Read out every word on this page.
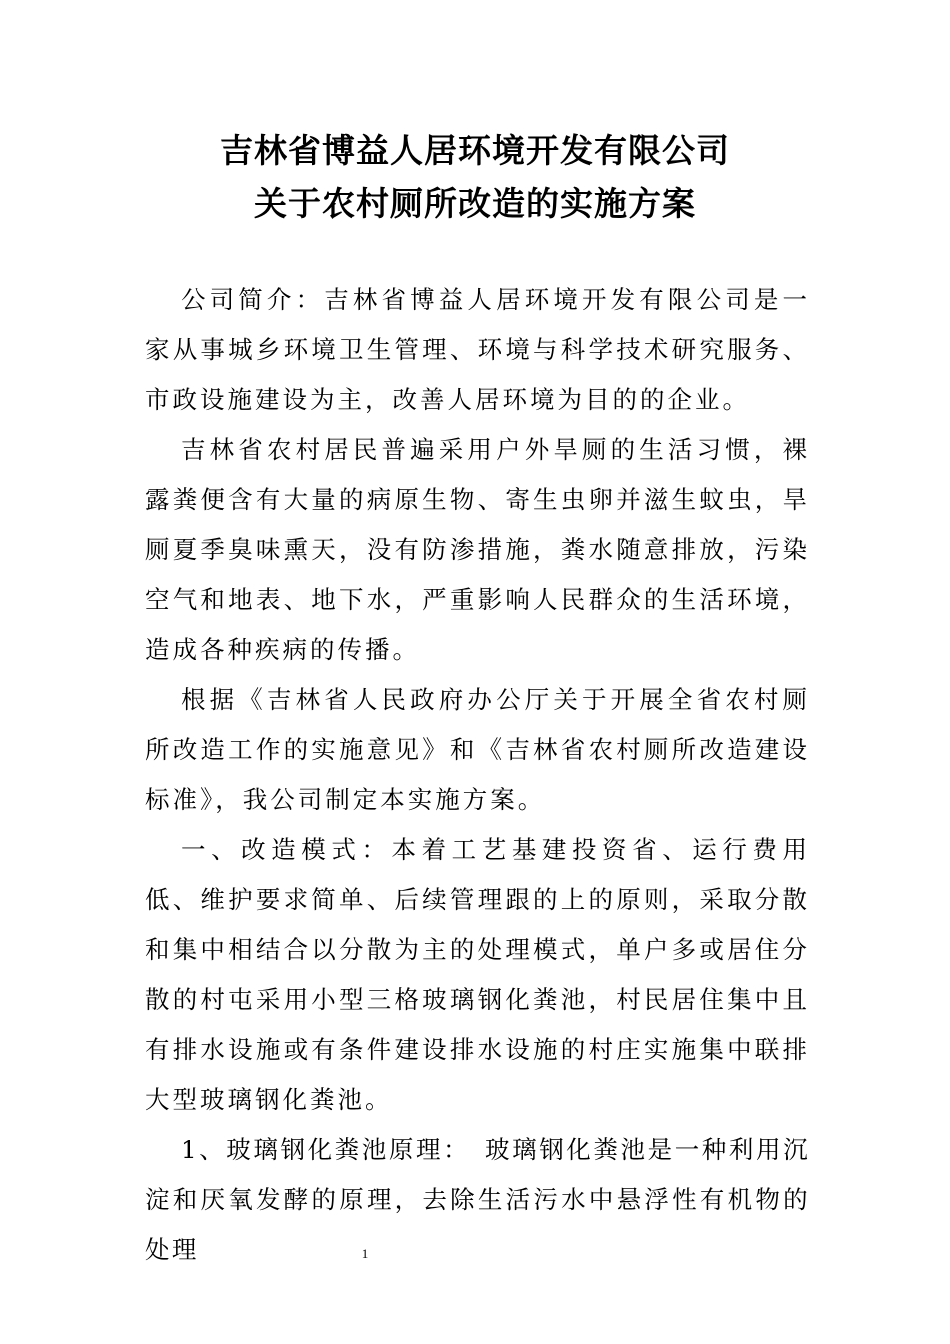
吉林省博益人居环境开发有限公司
关于农村厕所改造的实施方案

公司简介：吉林省博益人居环境开发有限公司是一家从事城乡环境卫生管理、环境与科学技术研究服务、市政设施建设为主，改善人居环境为目的的企业。

吉林省农村居民普遍采用户外旱厕的生活习惯，裸露粪便含有大量的病原生物、寄生虫卵并滋生蚊虫，旱厕夏季臭味熏天，没有防渗措施，粪水随意排放，污染空气和地表、地下水，严重影响人民群众的生活环境，造成各种疾病的传播。

根据《吉林省人民政府办公厅关于开展全省农村厕所改造工作的实施意见》和《吉林省农村厕所改造建设标准》，我公司制定本实施方案。

一、改造模式：本着工艺基建投资省、运行费用低、维护要求简单、后续管理跟的上的原则，采取分散和集中相结合以分散为主的处理模式，单户多或居住分散的村屯采用小型三格玻璃钢化粪池，村民居住集中且有排水设施或有条件建设排水设施的村庄实施集中联排大型玻璃钢化粪池。

1、玻璃钢化粪池原理：　玻璃钢化粪池是一种利用沉淀和厌氧发酵的原理，去除生活污水中悬浮性有机物的处理	1
